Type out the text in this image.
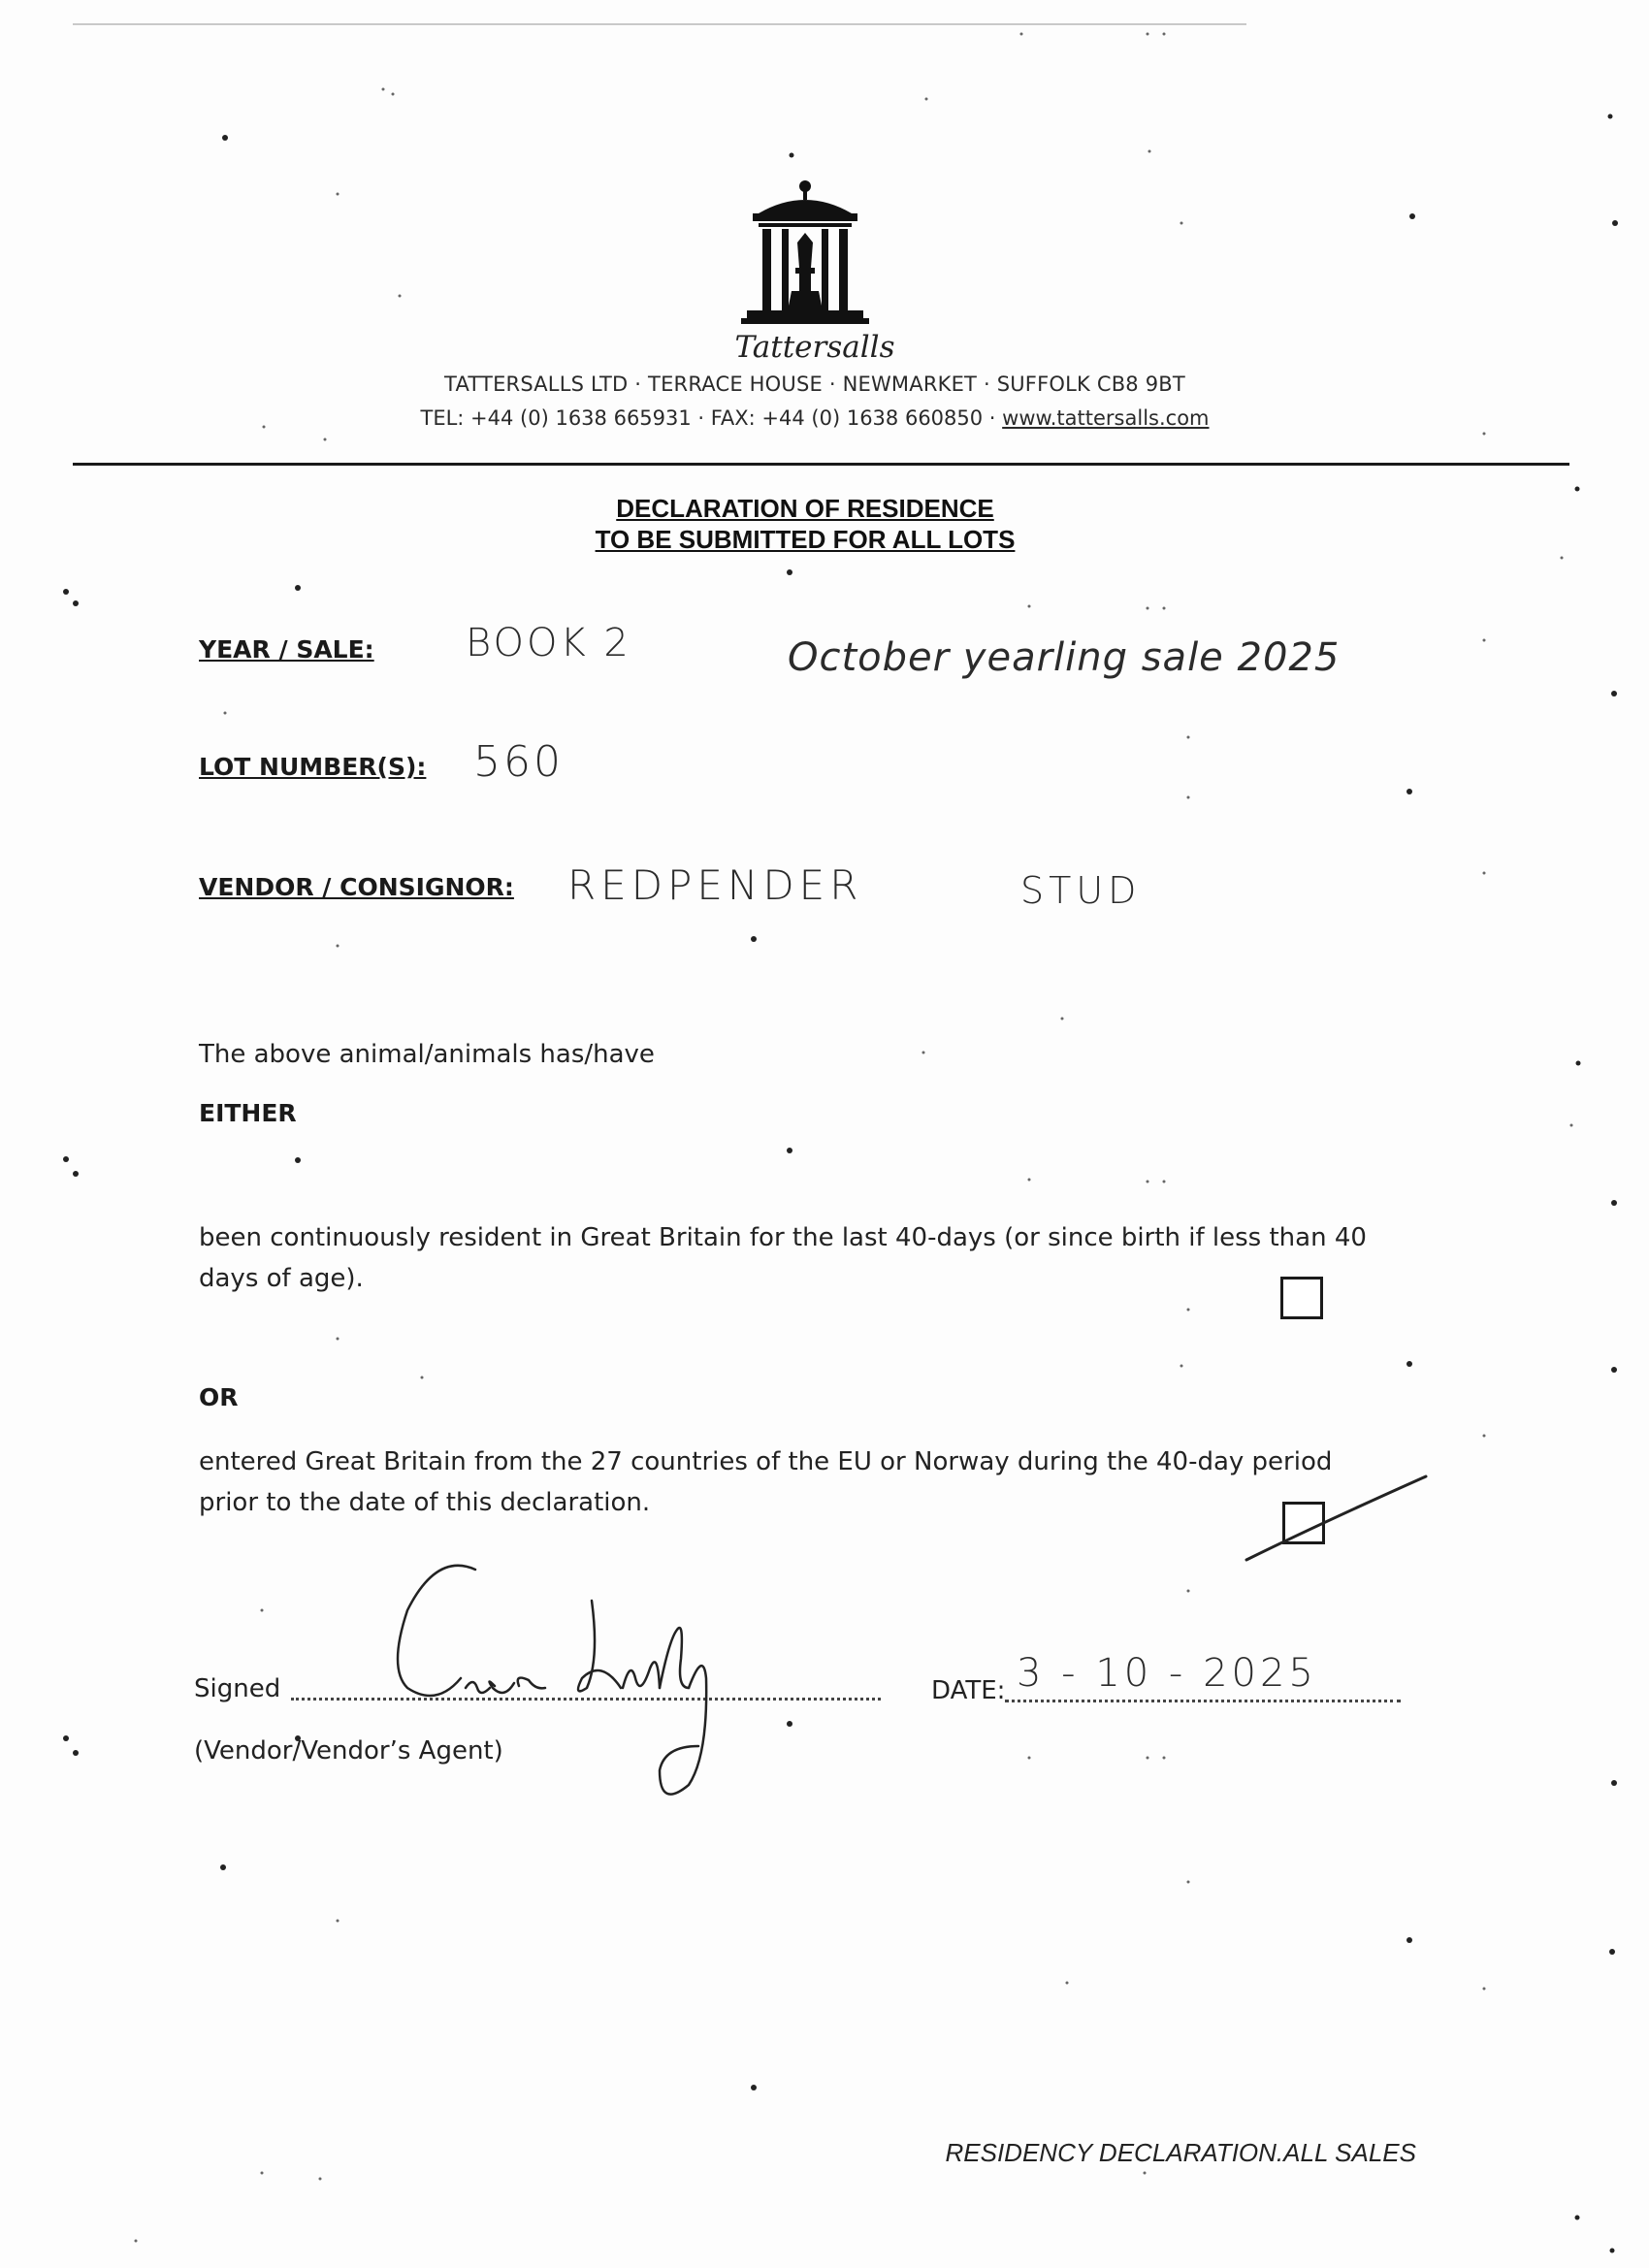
Tattersalls
TATTERSALLS LTD · TERRACE HOUSE · NEWMARKET · SUFFOLK CB8 9BT
TEL: +44 (0) 1638 665931 · FAX: +44 (0) 1638 660850 · www.tattersalls.com
DECLARATION OF RESIDENCE
TO BE SUBMITTED FOR ALL LOTS
YEAR / SALE: BOOK 2	October yearling sale 2025
LOT NUMBER(S): 560
VENDOR / CONSIGNOR: REDPENDER	STUD
The above animal/animals has/have
EITHER
been continuously resident in Great Britain for the last 40-days (or since birth if less than 40
days of age).
OR
entered Great Britain from the 27 countries of the EU or Norway during the 40-day period
prior to the date of this declaration.
Signed
(Vendor/Vendor’s Agent)
DATE: 3 - 10 - 2025
RESIDENCY DECLARATION.ALL SALES
